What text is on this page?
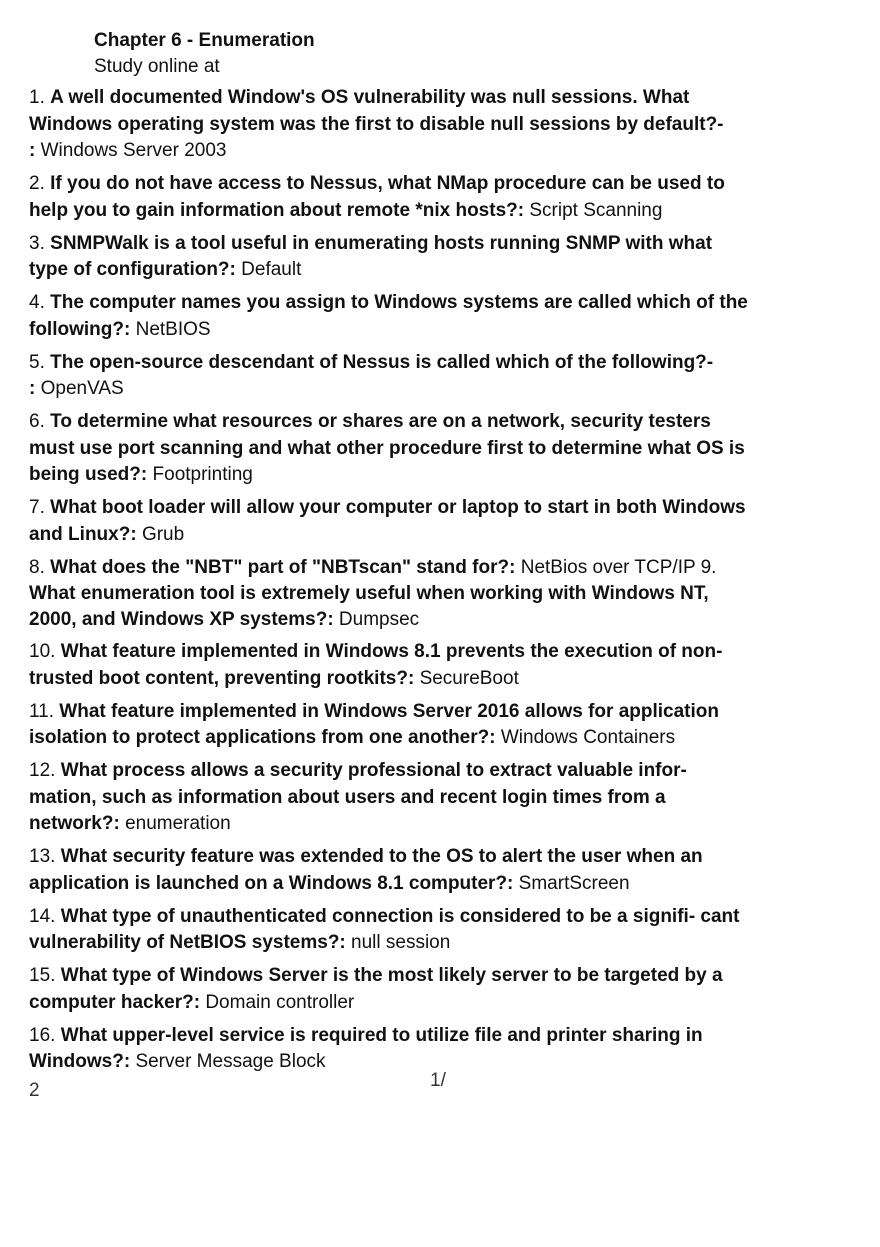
Chapter 6 - Enumeration
Study online at
1. A well documented Window's OS vulnerability was null sessions. What Windows operating system was the first to disable null sessions by default?-
: Windows Server 2003
2. If you do not have access to Nessus, what NMap procedure can be used to help you to gain information about remote *nix hosts?: Script Scanning
3. SNMPWalk is a tool useful in enumerating hosts running SNMP with what type of configuration?: Default
4. The computer names you assign to Windows systems are called which of the following?: NetBIOS
5. The open-source descendant of Nessus is called which of the following?-
: OpenVAS
6. To determine what resources or shares are on a network, security testers must use port scanning and what other procedure first to determine what OS is being used?: Footprinting
7. What boot loader will allow your computer or laptop to start in both Windows and Linux?: Grub
8. What does the "NBT" part of "NBTscan" stand for?: NetBios over TCP/IP 9. What enumeration tool is extremely useful when working with Windows NT, 2000, and Windows XP systems?: Dumpsec
10. What feature implemented in Windows 8.1 prevents the execution of non-trusted boot content, preventing rootkits?: SecureBoot
11. What feature implemented in Windows Server 2016 allows for application isolation to protect applications from one another?: Windows Containers
12. What process allows a security professional to extract valuable infor- mation, such as information about users and recent login times from a network?: enumeration
13. What security feature was extended to the OS to alert the user when an application is launched on a Windows 8.1 computer?: SmartScreen
14. What type of unauthenticated connection is considered to be a signifi- cant vulnerability of NetBIOS systems?: null session
15. What type of Windows Server is the most likely server to be targeted by a computer hacker?: Domain controller
16. What upper-level service is required to utilize file and printer sharing in Windows?: Server Message Block
1/
2
